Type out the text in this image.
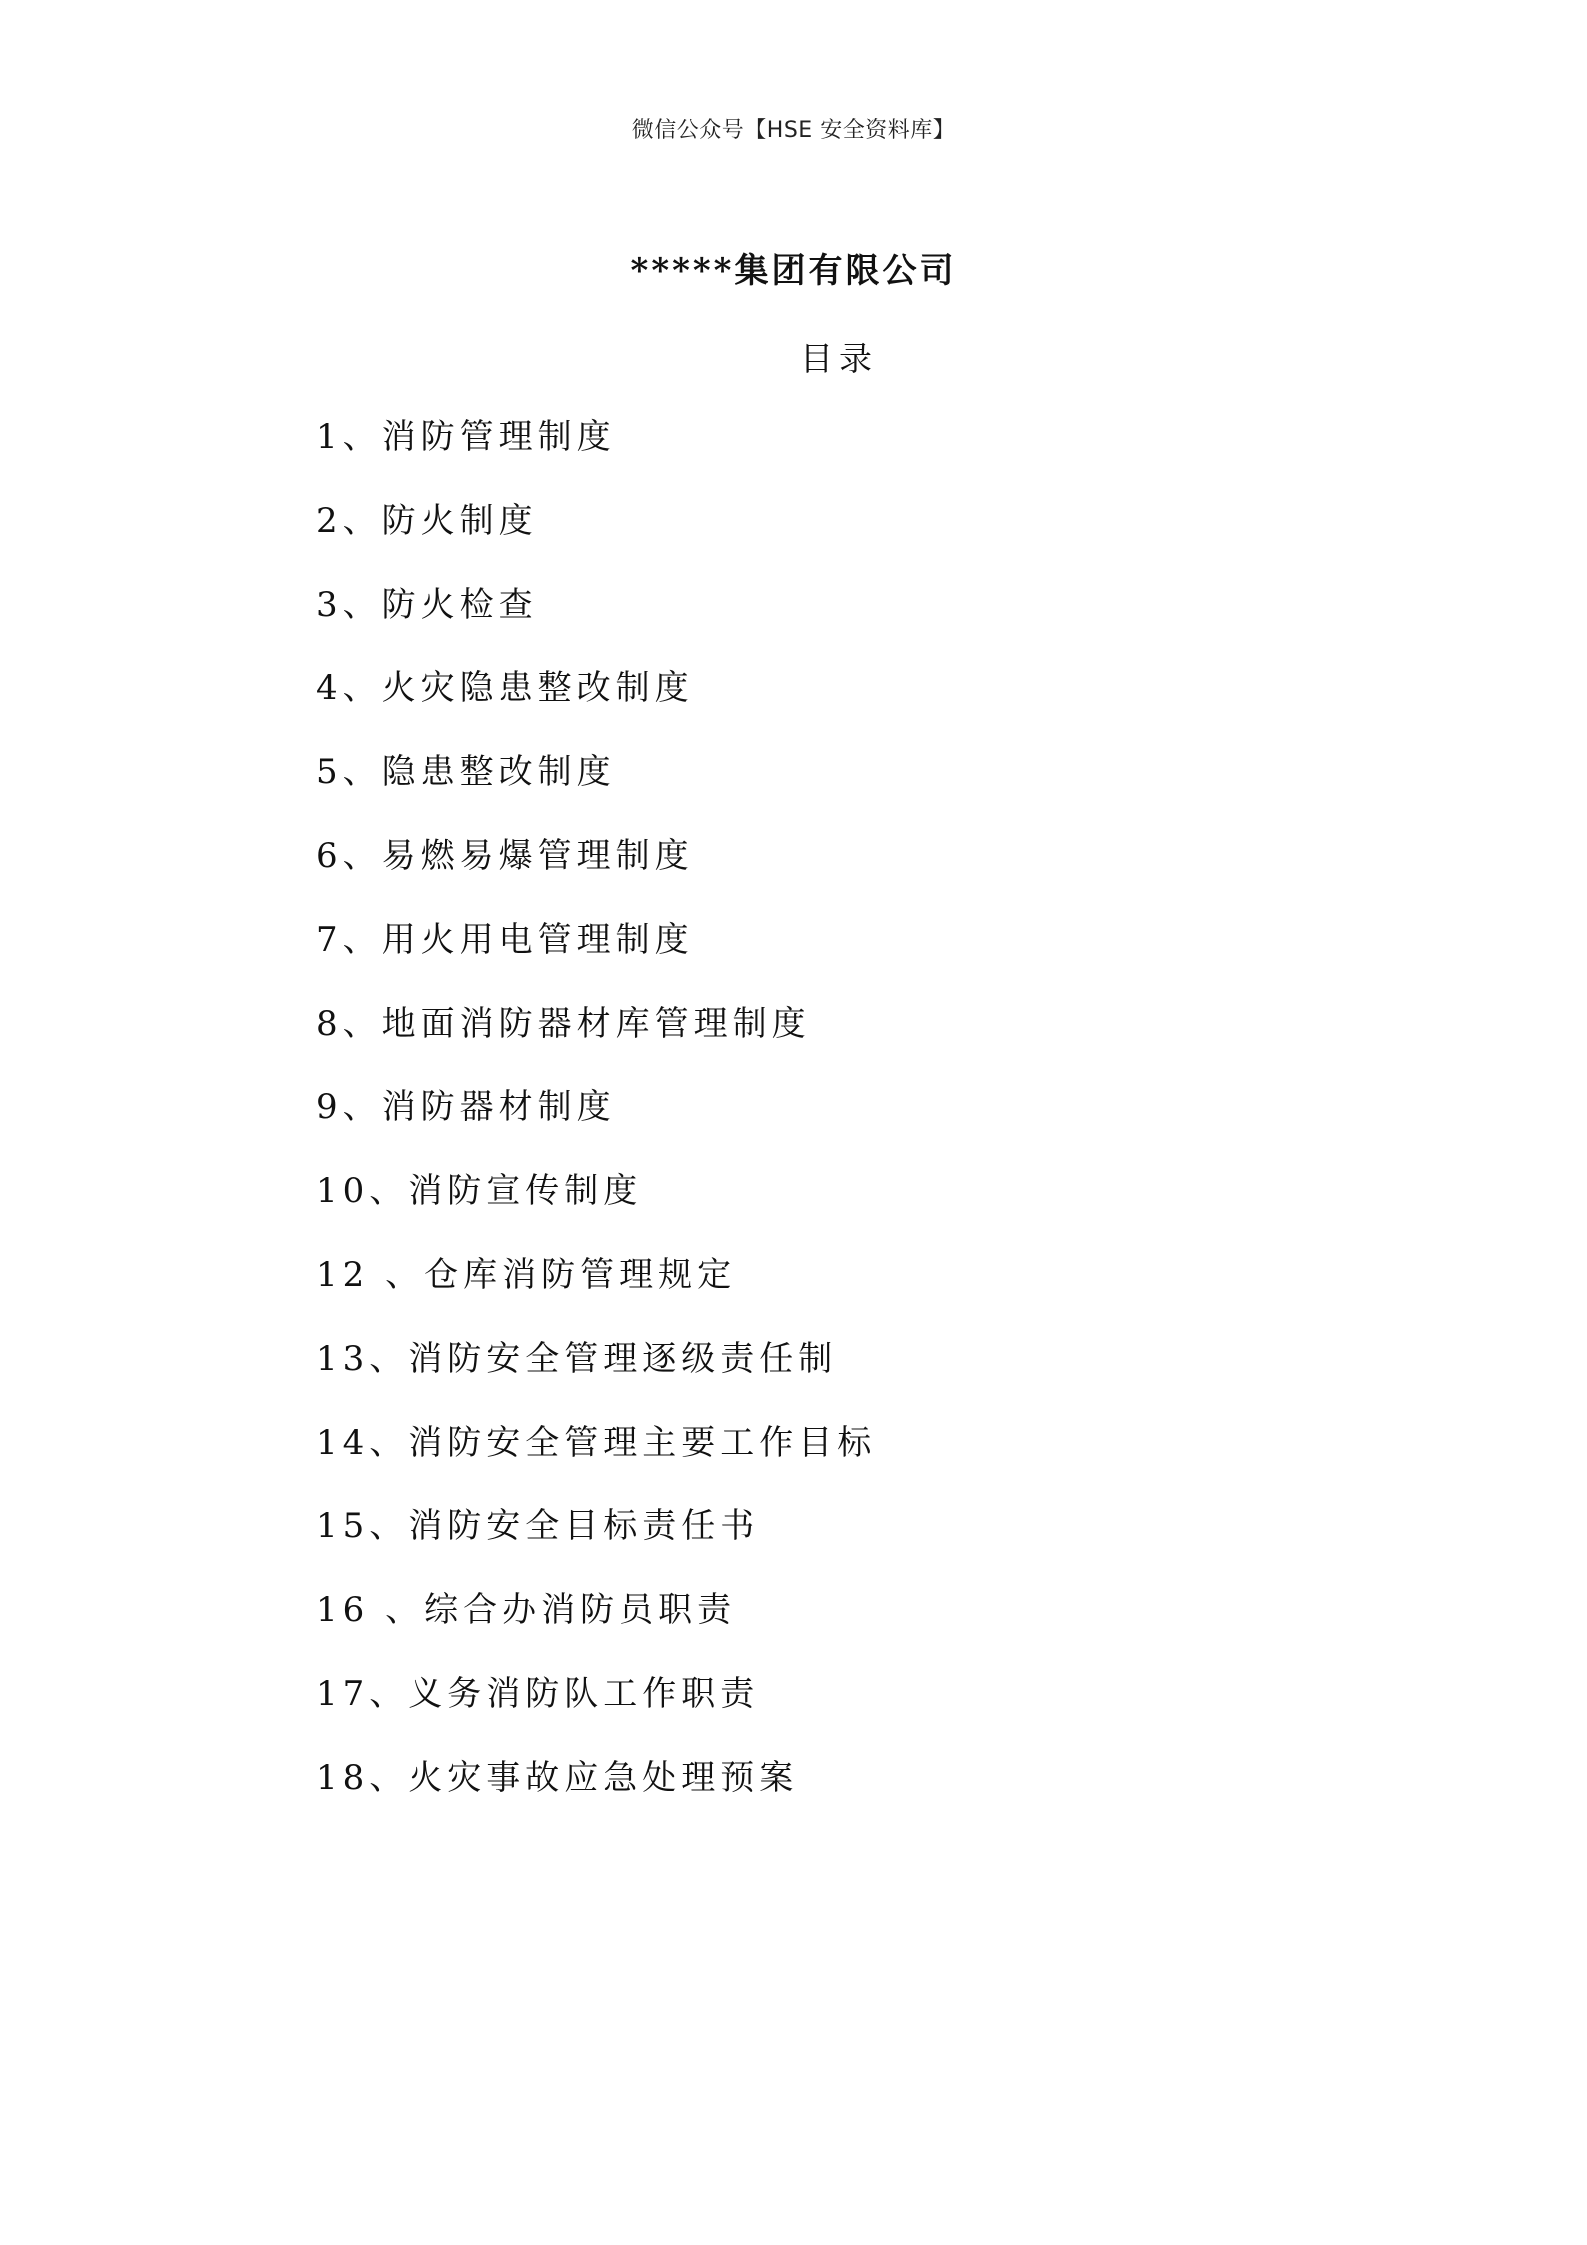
微信公众号【HSE 安全资料库】
*****集团有限公司
目录
1、消防管理制度
2、防火制度
3、防火检查
4、火灾隐患整改制度
5、隐患整改制度
6、易燃易爆管理制度
7、用火用电管理制度
8、地面消防器材库管理制度
9、消防器材制度
10、消防宣传制度
12 、仓库消防管理规定
13、消防安全管理逐级责任制
14、消防安全管理主要工作目标
15、消防安全目标责任书
16 、综合办消防员职责
17、义务消防队工作职责
18、火灾事故应急处理预案
